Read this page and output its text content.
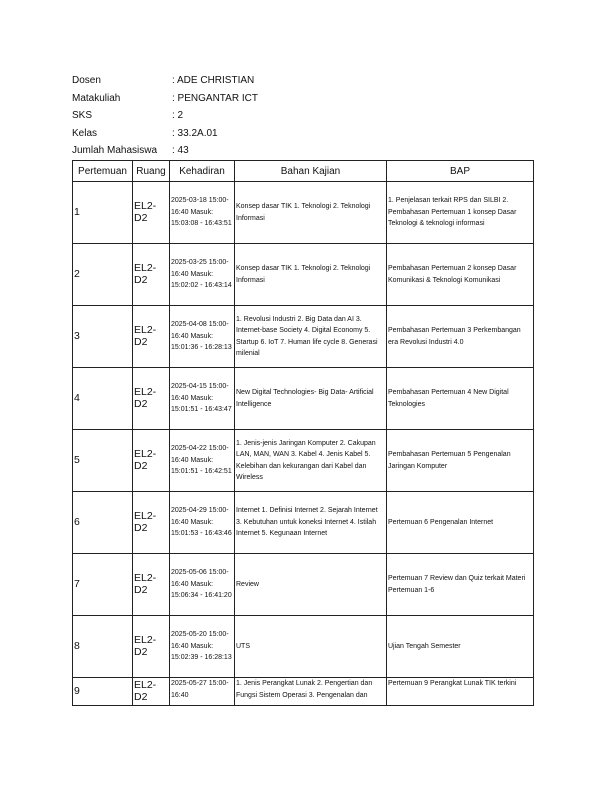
Dosen	: ADE CHRISTIAN
Matakuliah	: PENGANTAR ICT
SKS	: 2
Kelas	: 33.2A.01
Jumlah Mahasiswa	: 43
Pertemuan	Ruang	Kehadiran	Bahan Kajian	BAP

1	EL2-D2	2025-03-18 15:00-16:40 Masuk: 15:03:08 - 16:43:51	Konsep dasar TIK 1. Teknologi 2. Teknologi Informasi	1. Penjelasan terkait RPS dan SILBI 2. Pembahasan Pertemuan 1 konsep Dasar Teknologi & teknologi informasi

2	EL2-D2	2025-03-25 15:00-16:40 Masuk: 15:02:02 - 16:43:14	Konsep dasar TIK 1. Teknologi 2. Teknologi Informasi	Pembahasan Pertemuan 2 konsep Dasar Komunikasi & Teknologi Komunikasi

3	EL2-D2	2025-04-08 15:00-16:40 Masuk: 15:01:36 - 16:28:13	1. Revolusi Industri 2. Big Data dan AI 3. Internet-base Society 4. Digital Economy 5. Startup 6. IoT 7. Human life cycle 8. Generasi milenial	Pembahasan Pertemuan 3 Perkembangan era Revolusi Industri 4.0

4	EL2-D2	2025-04-15 15:00-16:40 Masuk: 15:01:51 - 16:43:47	New Digital Technologies- Big Data- Artificial Intelligence	Pembahasan Pertemuan 4 New Digital Teknologies

5	EL2-D2	2025-04-22 15:00-16:40 Masuk: 15:01:51 - 16:42:51	1. Jenis-jenis Jaringan Komputer 2. Cakupan LAN, MAN, WAN 3. Kabel 4. Jenis Kabel 5. Kelebihan dan kekurangan dari Kabel dan Wireless	Pembahasan Pertemuan 5 Pengenalan Jaringan Komputer

6	EL2-D2	2025-04-29 15:00-16:40 Masuk: 15:01:53 - 16:43:46	Internet 1. Definisi Internet 2. Sejarah Internet 3. Kebutuhan untuk koneksi Internet 4. Istilah Internet 5. Kegunaan Internet	Pertemuan 6 Pengenalan Internet

7	EL2-D2	2025-05-06 15:00-16:40 Masuk: 15:06:34 - 16:41:20	Review	Pertemuan 7 Review dan Quiz terkait Materi Pertemuan 1-6

8	EL2-D2	2025-05-20 15:00-16:40 Masuk: 15:02:39 - 16:28:13	UTS	Ujian Tengah Semester

9	EL2-D2	2025-05-27 15:00-16:40	1. Jenis Perangkat Lunak 2. Pengertian dan Fungsi Sistem Operasi 3. Pengenalan dan	Pertemuan 9 Perangkat Lunak TIK terkini
